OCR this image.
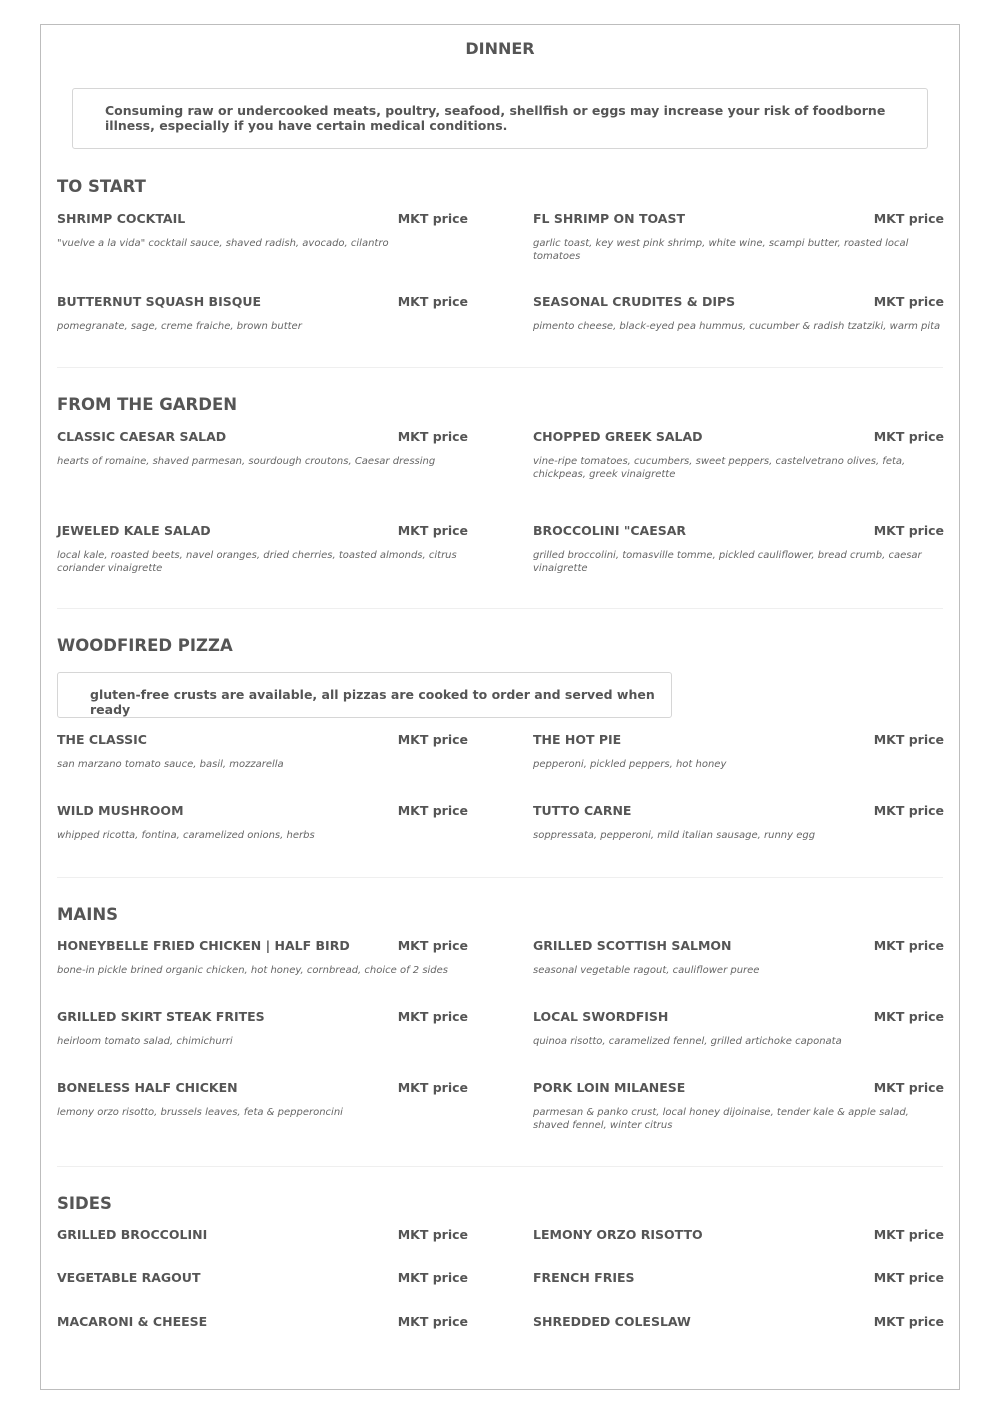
DINNER
Consuming raw or undercooked meats, poultry, seafood, shellfish or eggs may increase your risk of foodborne illness, especially if you have certain medical conditions.
TO START
SHRIMP COCKTAIL	MKT price
"vuelve a la vida" cocktail sauce, shaved radish, avocado, cilantro
FL SHRIMP ON TOAST	MKT price
garlic toast, key west pink shrimp, white wine, scampi butter, roasted local tomatoes
BUTTERNUT SQUASH BISQUE	MKT price
pomegranate, sage, creme fraiche, brown butter
SEASONAL CRUDITES & DIPS	MKT price
pimento cheese, black-eyed pea hummus, cucumber & radish tzatziki, warm pita
FROM THE GARDEN
CLASSIC CAESAR SALAD	MKT price
hearts of romaine, shaved parmesan, sourdough croutons, Caesar dressing
CHOPPED GREEK SALAD	MKT price
vine-ripe tomatoes, cucumbers, sweet peppers, castelvetrano olives, feta, chickpeas, greek vinaigrette
JEWELED KALE SALAD	MKT price
local kale, roasted beets, navel oranges, dried cherries, toasted almonds, citrus coriander vinaigrette
BROCCOLINI "CAESAR	MKT price
grilled broccolini, tomasville tomme, pickled cauliflower, bread crumb, caesar vinaigrette
WOODFIRED PIZZA
gluten-free crusts are available, all pizzas are cooked to order and served when ready
THE CLASSIC	MKT price
san marzano tomato sauce, basil, mozzarella
THE HOT PIE	MKT price
pepperoni, pickled peppers, hot honey
WILD MUSHROOM	MKT price
whipped ricotta, fontina, caramelized onions, herbs
TUTTO CARNE	MKT price
soppressata, pepperoni, mild italian sausage, runny egg
MAINS
HONEYBELLE FRIED CHICKEN | HALF BIRD	MKT price
bone-in pickle brined organic chicken, hot honey, cornbread, choice of 2 sides
GRILLED SCOTTISH SALMON	MKT price
seasonal vegetable ragout, cauliflower puree
GRILLED SKIRT STEAK FRITES	MKT price
heirloom tomato salad, chimichurri
LOCAL SWORDFISH	MKT price
quinoa risotto, caramelized fennel, grilled artichoke caponata
BONELESS HALF CHICKEN	MKT price
lemony orzo risotto, brussels leaves, feta & pepperoncini
PORK LOIN MILANESE	MKT price
parmesan & panko crust, local honey dijoinaise, tender kale & apple salad, shaved fennel, winter citrus
SIDES
GRILLED BROCCOLINI	MKT price	LEMONY ORZO RISOTTO	MKT price
VEGETABLE RAGOUT	MKT price	FRENCH FRIES	MKT price
MACARONI & CHEESE	MKT price	SHREDDED COLESLAW	MKT price
